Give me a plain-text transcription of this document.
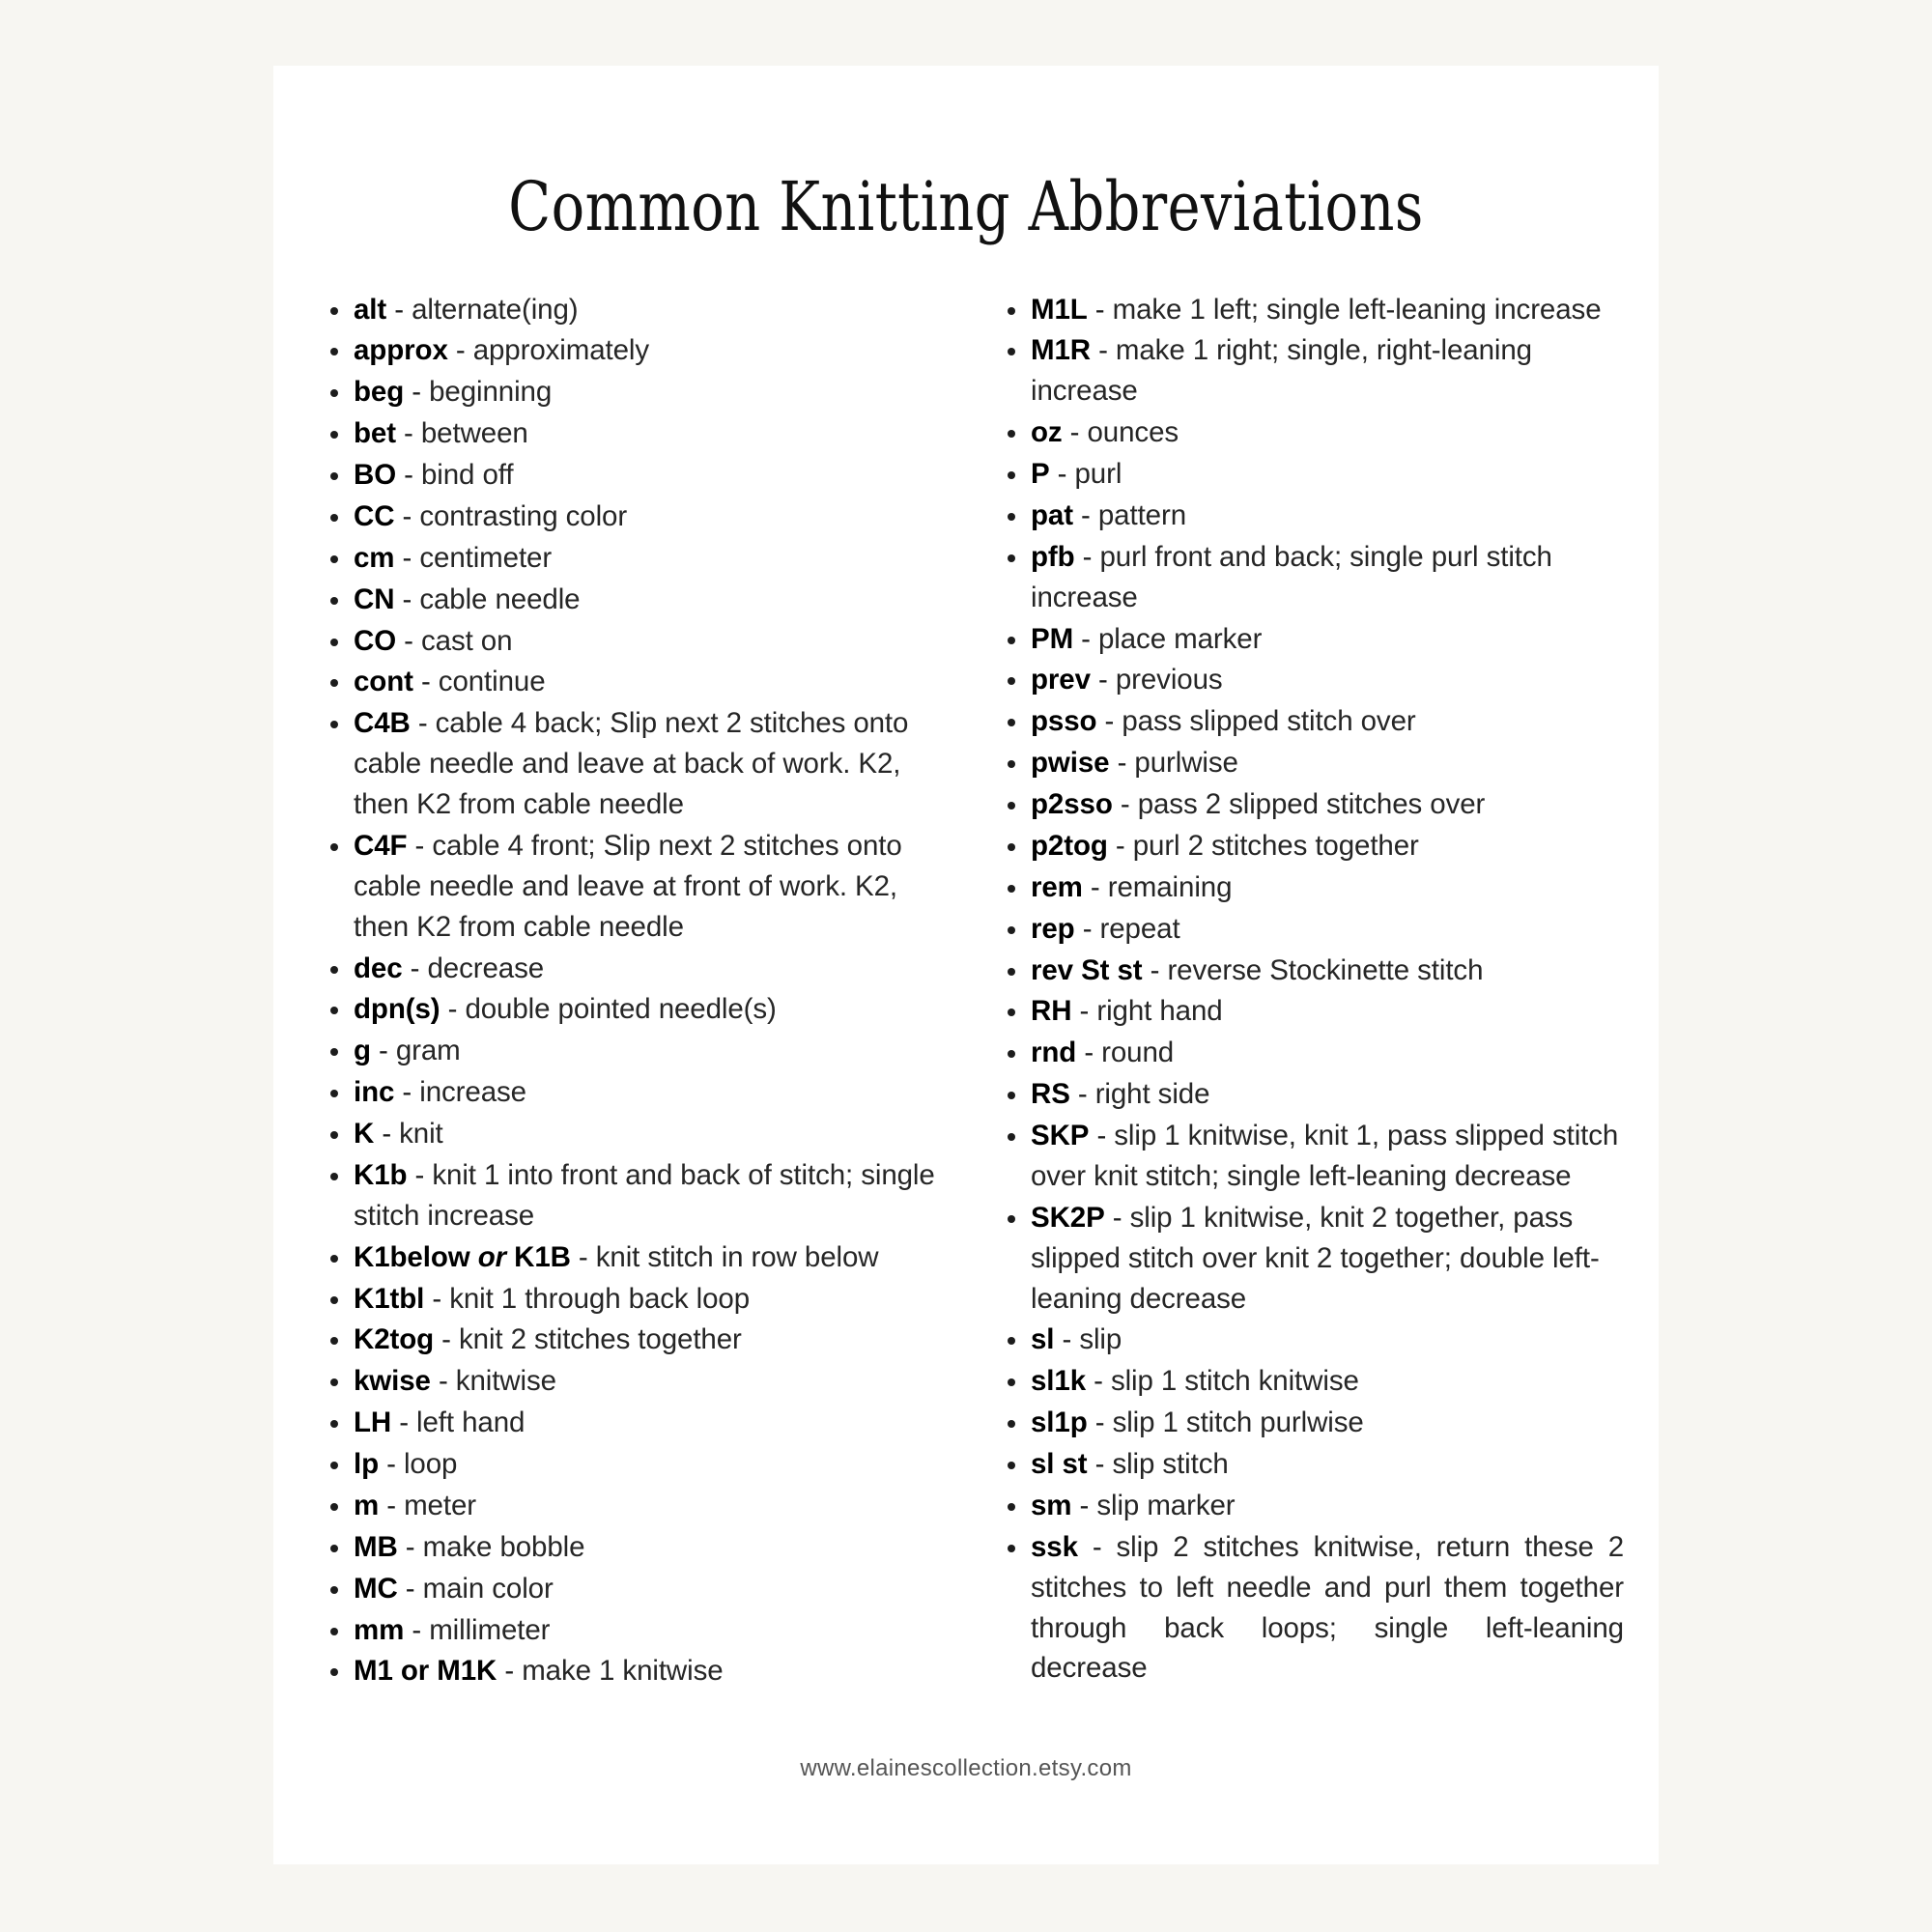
Common Knitting Abbreviations
alt - alternate(ing)
approx - approximately
beg - beginning
bet - between
BO - bind off
CC - contrasting color
cm - centimeter
CN - cable needle
CO - cast on
cont - continue
C4B - cable 4 back; Slip next 2 stitches onto cable needle and leave at back of work. K2, then K2 from cable needle
C4F - cable 4 front; Slip next 2 stitches onto cable needle and leave at front of work. K2, then K2 from cable needle
dec - decrease
dpn(s) - double pointed needle(s)
g - gram
inc - increase
K - knit
K1b - knit 1 into front and back of stitch; single stitch increase
K1below or K1B - knit stitch in row below
K1tbl - knit 1 through back loop
K2tog - knit 2 stitches together
kwise - knitwise
LH - left hand
lp - loop
m - meter
MB - make bobble
MC - main color
mm - millimeter
M1 or M1K - make 1 knitwise
M1L - make 1 left; single left-leaning increase
M1R - make 1 right; single, right-leaning increase
oz - ounces
P - purl
pat - pattern
pfb - purl front and back; single purl stitch increase
PM - place marker
prev - previous
psso - pass slipped stitch over
pwise - purlwise
p2sso - pass 2 slipped stitches over
p2tog - purl 2 stitches together
rem - remaining
rep - repeat
rev St st - reverse Stockinette stitch
RH - right hand
rnd - round
RS - right side
SKP - slip 1 knitwise, knit 1, pass slipped stitch over knit stitch; single left-leaning decrease
SK2P - slip 1 knitwise, knit 2 together, pass slipped stitch over knit 2 together; double left-leaning decrease
sl - slip
sl1k - slip 1 stitch knitwise
sl1p - slip 1 stitch purlwise
sl st - slip stitch
sm - slip marker
ssk - slip 2 stitches knitwise, return these 2 stitches to left needle and purl them together through back loops; single left-leaning decrease
www.elainescollection.etsy.com
